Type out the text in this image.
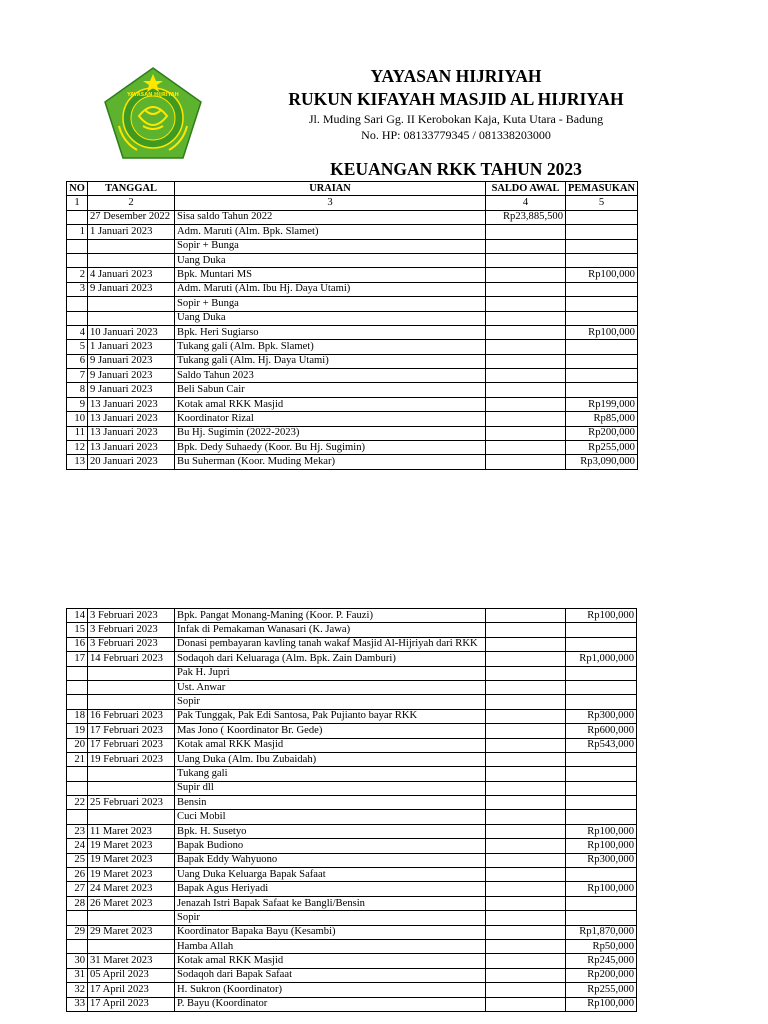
YAYASAN HIJRIYAH
YAYASAN HIJRIYAH
RUKUN KIFAYAH MASJID AL HIJRIYAH
Jl. Muding Sari Gg. II Kerobokan Kaja, Kuta Utara - Badung
No. HP: 08133779345 / 081338203000
KEUANGAN RKK TAHUN 2023
NO	TANGGAL	URAIAN	SALDO AWAL	PEMASUKAN
1	2	3	4	5
	27 Desember 2022	Sisa saldo Tahun 2022	Rp23,885,500	
1	1 Januari 2023	Adm. Maruti (Alm. Bpk. Slamet)		
		Sopir + Bunga		
		Uang Duka		
2	4 Januari 2023	Bpk. Muntari MS		Rp100,000
3	9 Januari 2023	Adm. Maruti (Alm. Ibu Hj. Daya Utami)		
		Sopir + Bunga		
		Uang Duka		
4	10 Januari 2023	Bpk. Heri Sugiarso		Rp100,000
5	1 Januari 2023	Tukang gali (Alm. Bpk. Slamet)		
6	9 Januari 2023	Tukang gali (Alm. Hj. Daya Utami)		
7	9 Januari 2023	Saldo Tahun 2023		
8	9 Januari 2023	Beli Sabun Cair		
9	13 Januari 2023	Kotak amal RKK Masjid		Rp199,000
10	13 Januari 2023	Koordinator Rizal		Rp85,000
11	13 Januari 2023	Bu Hj. Sugimin (2022-2023)		Rp200,000
12	13 Januari 2023	Bpk. Dedy Suhaedy (Koor. Bu Hj. Sugimin)		Rp255,000
13	20 Januari 2023	Bu Suherman (Koor. Muding Mekar)		Rp3,090,000
14	3 Februari 2023	Bpk. Pangat Monang-Maning (Koor. P. Fauzi)		Rp100,000
15	3 Februari 2023	Infak di Pemakaman Wanasari (K. Jawa)		
16	3 Februari 2023	Donasi pembayaran kavling tanah wakaf Masjid Al-Hijriyah dari RKK		
17	14 Februari 2023	Sodaqoh dari Keluaraga (Alm. Bpk. Zain Damburi)		Rp1,000,000
		Pak H. Jupri		
		Ust. Anwar		
		Sopir		
18	16 Februari 2023	Pak Tunggak, Pak Edi Santosa, Pak Pujianto bayar RKK		Rp300,000
19	17 Februari 2023	Mas Jono ( Koordinator Br. Gede)		Rp600,000
20	17 Februari 2023	Kotak amal RKK Masjid		Rp543,000
21	19 Februari 2023	Uang Duka (Alm. Ibu Zubaidah)		
		Tukang gali		
		Supir dll		
22	25 Februari 2023	Bensin		
		Cuci Mobil		
23	11 Maret 2023	Bpk. H. Susetyo		Rp100,000
24	19 Maret 2023	Bapak Budiono		Rp100,000
25	19 Maret 2023	Bapak Eddy Wahyuono		Rp300,000
26	19 Maret 2023	Uang Duka Keluarga Bapak Safaat		
27	24 Maret 2023	Bapak Agus Heriyadi		Rp100,000
28	26 Maret 2023	Jenazah Istri Bapak Safaat ke Bangli/Bensin		
		Sopir		
29	29 Maret 2023	Koordinator Bapaka Bayu (Kesambi)		Rp1,870,000
		Hamba Allah		Rp50,000
30	31 Maret 2023	Kotak amal RKK Masjid		Rp245,000
31	05 April 2023	Sodaqoh dari Bapak Safaat		Rp200,000
32	17 April 2023	H. Sukron (Koordinator)		Rp255,000
33	17 April 2023	P. Bayu (Koordinator		Rp100,000
